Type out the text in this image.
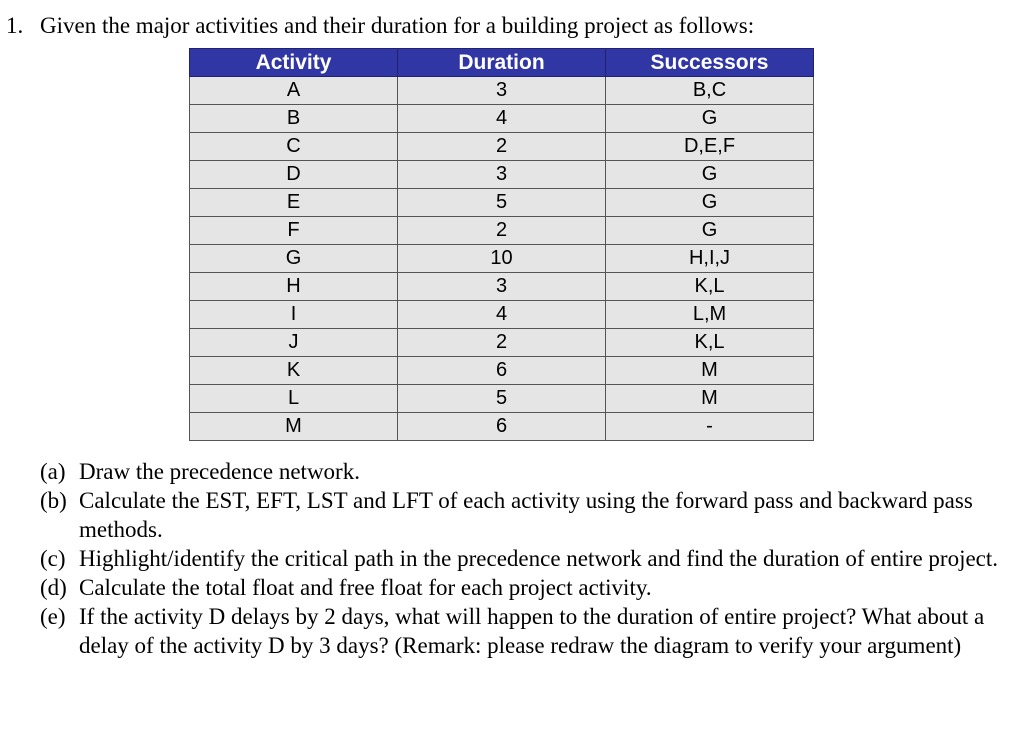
1. Given the major activities and their duration for a building project as follows:
Activity	Duration	Successors
A	3	B,C
B	4	G
C	2	D,E,F
D	3	G
E	5	G
F	2	G
G	10	H,I,J
H	3	K,L
I	4	L,M
J	2	K,L
K	6	M
L	5	M
M	6	-
(a) Draw the precedence network.
(b) Calculate the EST, EFT, LST and LFT of each activity using the forward pass and backward pass methods.
(c) Highlight/identify the critical path in the precedence network and find the duration of entire project.
(d) Calculate the total float and free float for each project activity.
(e) If the activity D delays by 2 days, what will happen to the duration of entire project? What about a delay of the activity D by 3 days? (Remark: please redraw the diagram to verify your argument)
